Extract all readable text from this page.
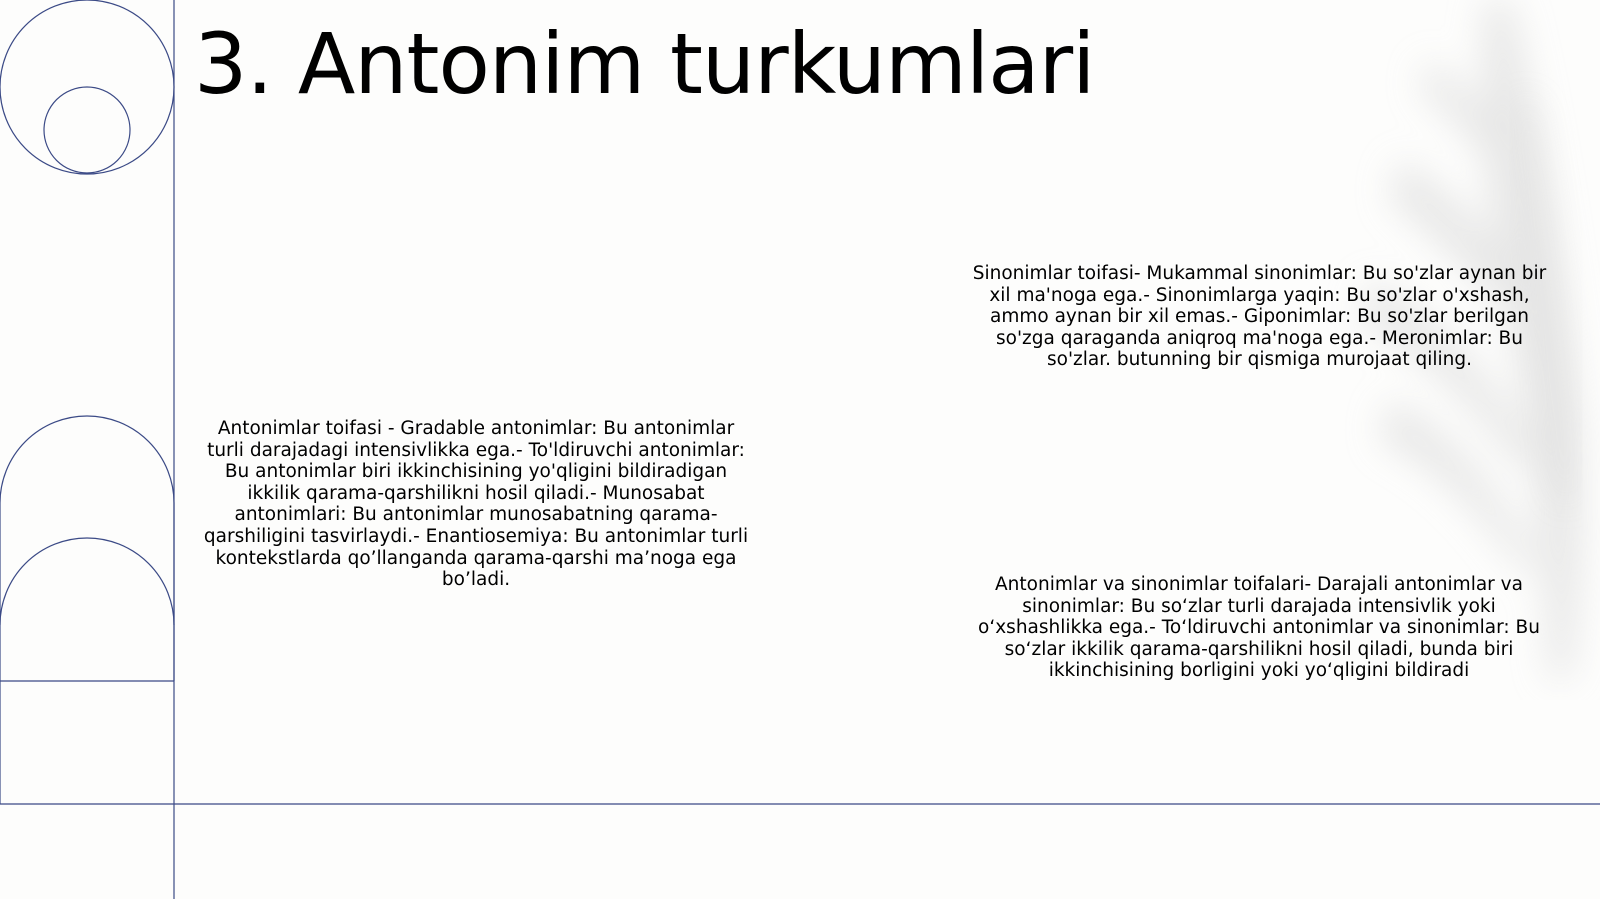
3. Antonim turkumlari

Antonimlar toifasi - Gradable antonimlar: Bu antonimlar turli darajadagi intensivlikka ega.- To'ldiruvchi antonimlar: Bu antonimlar biri ikkinchisining yo'qligini bildiradigan ikkilik qarama-qarshilikni hosil qiladi.- Munosabat antonimlari: Bu antonimlar munosabatning qarama-qarshiligini tasvirlaydi.- Enantiosemiya: Bu antonimlar turli kontekstlarda qo’llanganda qarama-qarshi ma’noga ega bo’ladi.

Sinonimlar toifasi- Mukammal sinonimlar: Bu so'zlar aynan bir xil ma'noga ega.- Sinonimlarga yaqin: Bu so'zlar o'xshash, ammo aynan bir xil emas.- Giponimlar: Bu so'zlar berilgan so'zga qaraganda aniqroq ma'noga ega.- Meronimlar: Bu so'zlar. butunning bir qismiga murojaat qiling.

Antonimlar va sinonimlar toifalari- Darajali antonimlar va sinonimlar: Bu so‘zlar turli darajada intensivlik yoki o‘xshashlikka ega.- To‘ldiruvchi antonimlar va sinonimlar: Bu so‘zlar ikkilik qarama-qarshilikni hosil qiladi, bunda biri ikkinchisining borligini yoki yo‘qligini bildiradi
